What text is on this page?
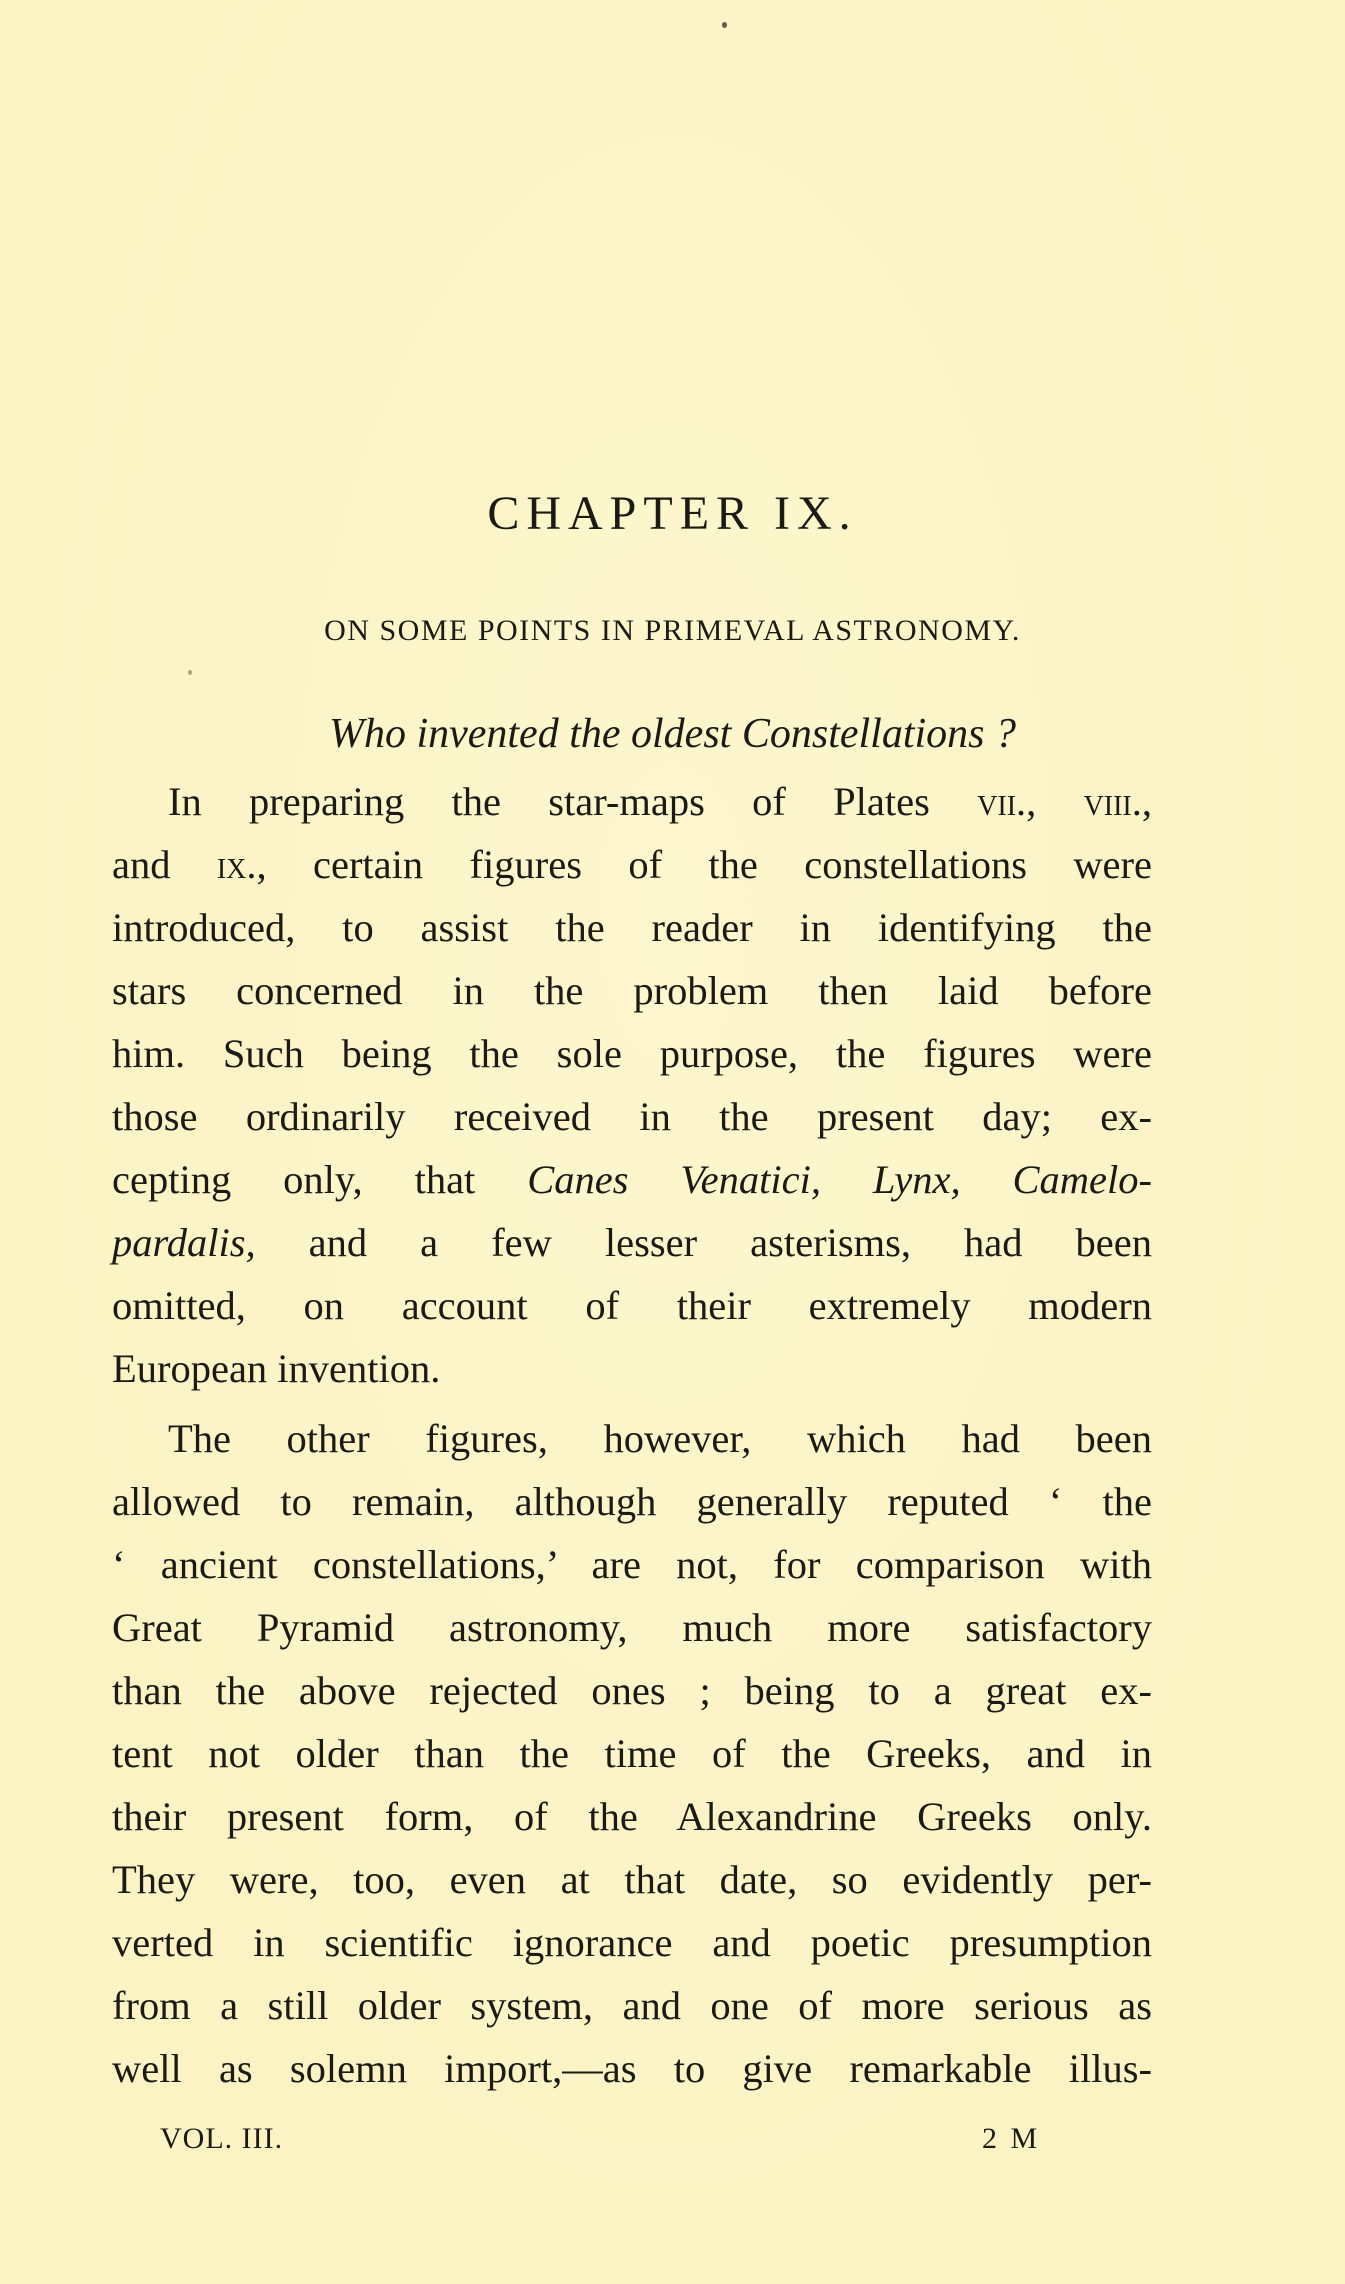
CHAPTER IX.
ON SOME POINTS IN PRIMEVAL ASTRONOMY.
Who invented the oldest Constellations ?
In preparing the star-maps of Plates vii., viii.,
and ix., certain figures of the constellations were
introduced, to assist the reader in identifying the
stars concerned in the problem then laid before
him. Such being the sole purpose, the figures were
those ordinarily received in the present day; ex-
cepting only, that Canes Venatici, Lynx, Camelo-
pardalis, and a few lesser asterisms, had been
omitted, on account of their extremely modern
European invention.
The other figures, however, which had been
allowed to remain, although generally reputed ‘ the
‘ ancient constellations,’ are not, for comparison with
Great Pyramid astronomy, much more satisfactory
than the above rejected ones ; being to a great ex-
tent not older than the time of the Greeks, and in
their present form, of the Alexandrine Greeks only.
They were, too, even at that date, so evidently per-
verted in scientific ignorance and poetic presumption
from a still older system, and one of more serious as
well as solemn import,—as to give remarkable illus-
VOL. III.	2 M
